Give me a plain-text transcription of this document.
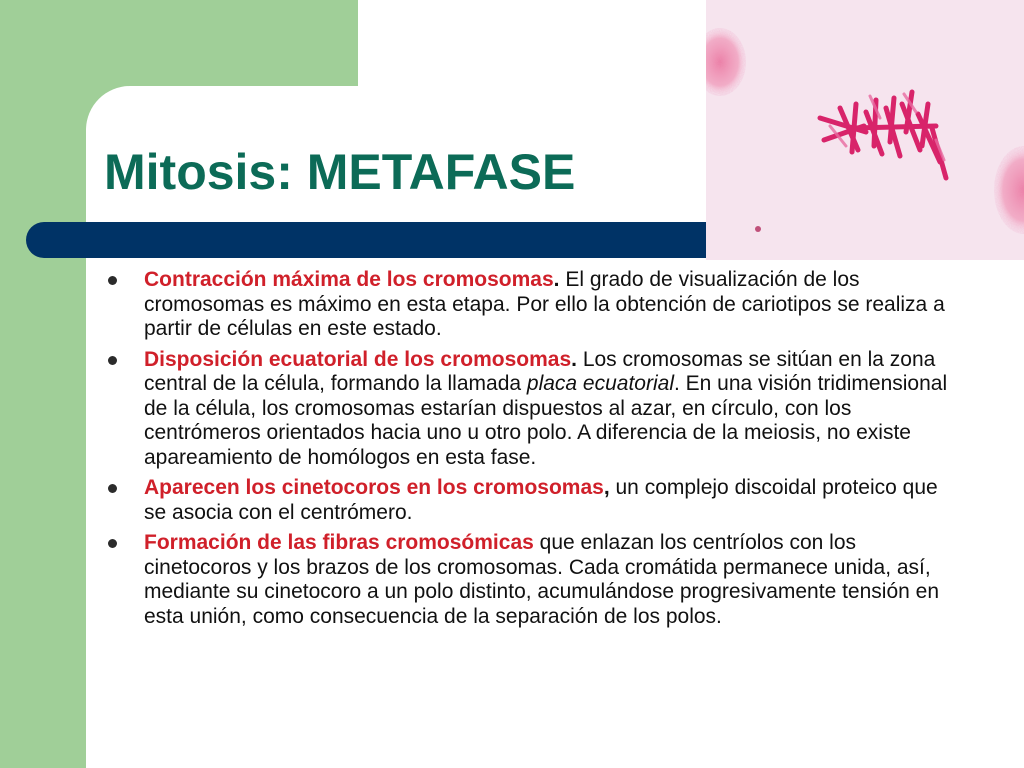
Mitosis: METAFASE
Contracción máxima de los cromosomas. El grado de visualización de los cromosomas es máximo en esta etapa. Por ello la obtención de cariotipos se realiza a partir de células en este estado.
Disposición ecuatorial de los cromosomas. Los cromosomas se sitúan en la zona central de la célula, formando la llamada placa ecuatorial. En una visión tridimensional de la célula, los cromosomas estarían dispuestos al azar, en círculo, con los centrómeros orientados hacia uno u otro polo. A diferencia de la meiosis, no existe apareamiento de homólogos en esta fase.
Aparecen los cinetocoros en los cromosomas, un complejo discoidal proteico que se asocia con el centrómero.
Formación de las fibras cromosómicas que enlazan los centríolos con los cinetocoros y los brazos de los cromosomas. Cada cromátida permanece unida, así, mediante su cinetocoro a un polo distinto, acumulándose progresivamente tensión en esta unión, como consecuencia de la separación de los polos.
